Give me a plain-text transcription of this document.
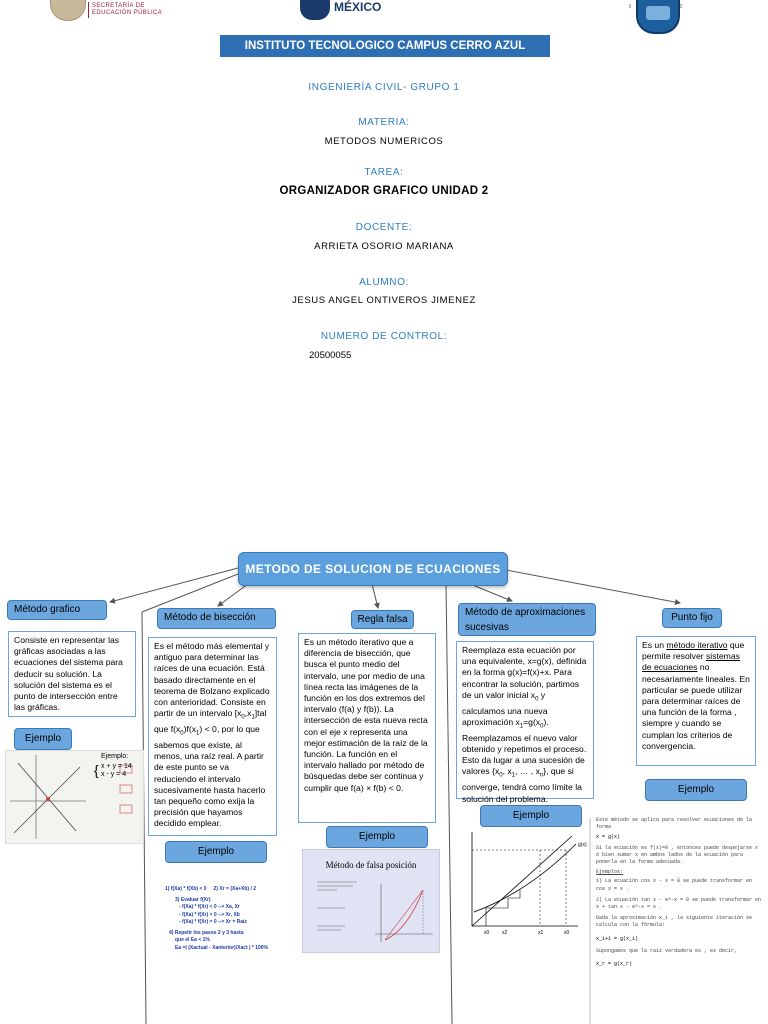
SECRETARÍA DE
EDUCACIÓN PÚBLICA	MÉXICO	•••	•••
INSTITUTO TECNOLOGICO CAMPUS CERRO AZUL
INGENIERÍA CIVIL- GRUPO 1
MATERIA:
METODOS NUMERICOS
TAREA:
ORGANIZADOR GRAFICO UNIDAD 2
DOCENTE:
ARRIETA OSORIO MARIANA
ALUMNO:
JESUS ANGEL ONTIVEROS JIMENEZ
NUMERO DE CONTROL:
20500055
METODO DE SOLUCION DE ECUACIONES
Método grafico
Consiste en representar las gráficas asociadas a las ecuaciones del sistema para deducir su solución. La solución del sistema es el punto de intersección entre las gráficas.
Ejemplo
Ejemplo:
{ x + y = 14
x - y = 4
Método de bisección
Es el método más elemental y antiguo para determinar las raíces de una ecuación. Está basado directamente en el teorema de Bolzano explicado con anterioridad. Consiste en partir de un intervalo $[x_0,x_1]tal$ que $f(x_0)f(x_1) < 0$, por lo que sabemos que existe, al menos, una raíz real. A partir de este punto se va reduciendo el intervalo sucesivamente hasta hacerlo tan pequeño como exija la precisión que hayamos decidido emplear.
Ejemplo
1) f(Xa) * f(Xb) < 0 2) Xr = (Xa+Xb) / 2
3) Evaluar f(Xr)
- f(Xa) * f(Xr) < 0 --> Xa, Xr
- f(Xa) * f(Xr) > 0 --> Xr, Xb
- f(Xa) * f(Xr) = 0 --> Xr = Raiz
4) Repetir los pasos 2 y 3 hasta
que el Ea < 1%
Ea =| (Xactual - Xanterior)/Xact | * 100%
Regla falsa
Es un método iterativo que a diferencia de bisección, que busca el punto medio del intervalo, une por medio de una línea recta las imágenes de la función en los dos extremos del intervalo (f(a) y f(b)). La intersección de esta nueva recta con el eje x representa una mejor estimación de la raíz de la función. La función en el intervalo hallado por método de búsquedas debe ser continua y cumplir que f(a) × f(b) < 0.
Ejemplo
Método de falsa posición
Método de aproximaciones sucesivas
Reemplaza esta ecuación por una equivalente, x=g(x), definida en la forma g(x)=f(x)+x. Para encontrar la solución, partimos de un valor inicial $x_0$ y calculamos una nueva aproximación $x_1=g(x_0)$. Reemplazamos el nuevo valor obtenido y repetimos el proceso. Esto da lugar a una sucesión de valores {$x_0$, $x_1$, … , $x_n$}, que si converge, tendrá como límite la solución del problema.
Ejemplo
x0	x2	x1	x0
g(x)
Punto fijo
Es un método iterativo que permite resolver sistemas de ecuaciones no necesariamente lineales. En particular se puede utilizar para determinar raíces de una función de la forma , siempre y cuando se cumplan los criterios de convergencia.
Ejemplo
Este método se aplica para resolver ecuaciones de la forma
x = g(x)
Si la ecuación es f(x)=0 , entonces puede despejarse x ó bien sumar x en ambos lados de la ecuación para ponerla en la forma adecuada.
Ejemplos:
1) La ecuación cos x - x = 0 se puede transformar en cos x = x .
2) La ecuación tan x - e^-x = 0 se puede transformar en x + tan x - e^-x = x .
Dada la aproximación x_i , la siguiente iteración se calcula con la fórmula:
x_i+1 = g(x_i)
Supongamos que la raíz verdadera es , es decir,
x_r = g(x_r)
